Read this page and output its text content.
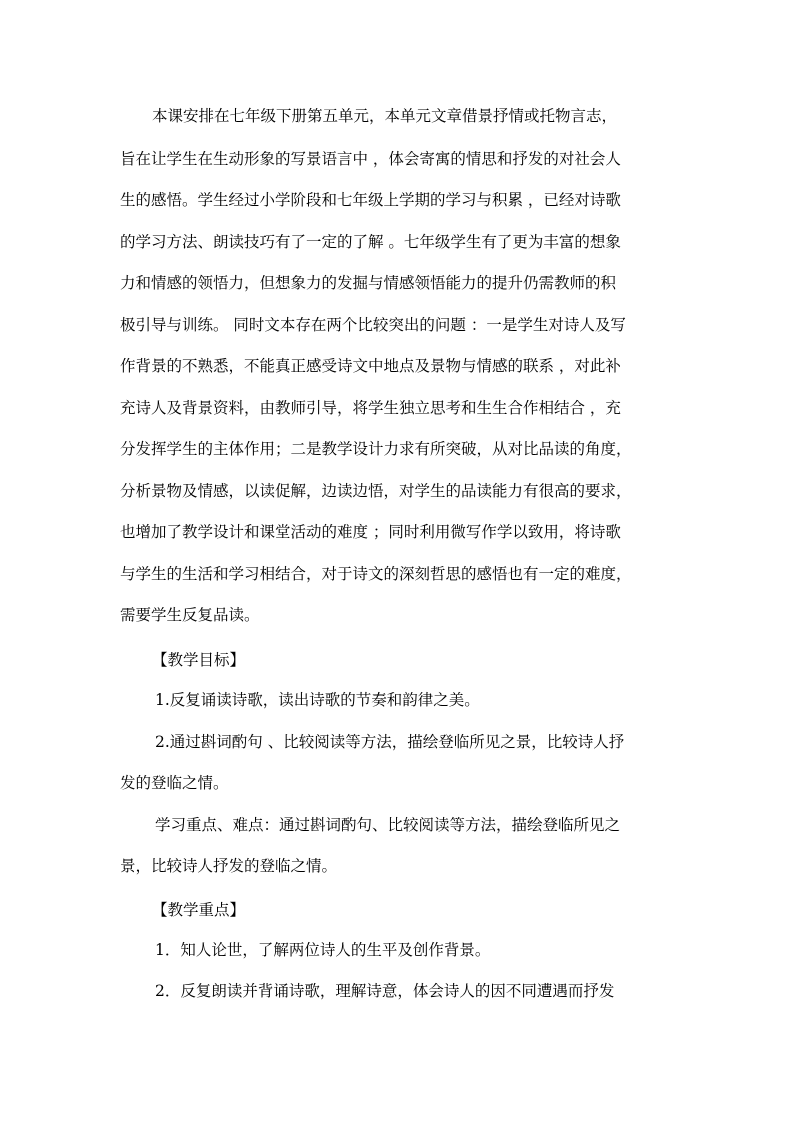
本课安排在七年级下册第五单元，本单元文章借景抒情或托物言志，
旨在让学生在生动形象的写景语言中 ，体会寄寓的情思和抒发的对社会人
生的感悟。学生经过小学阶段和七年级上学期的学习与积累 ，已经对诗歌
的学习方法、朗读技巧有了一定的了解 。七年级学生有了更为丰富的想象
力和情感的领悟力，但想象力的发掘与情感领悟能力的提升仍需教师的积
极引导与训练。 同时文本存在两个比较突出的问题 ：一是学生对诗人及写
作背景的不熟悉，不能真正感受诗文中地点及景物与情感的联系 ，对此补
充诗人及背景资料，由教师引导，将学生独立思考和生生合作相结合 ，充
分发挥学生的主体作用；二是教学设计力求有所突破，从对比品读的角度，
分析景物及情感，以读促解，边读边悟，对学生的品读能力有很高的要求，
也增加了教学设计和课堂活动的难度 ；同时利用微写作学以致用，将诗歌
与学生的生活和学习相结合，对于诗文的深刻哲思的感悟也有一定的难度，
需要学生反复品读。
【教学目标】
1.反复诵读诗歌，读出诗歌的节奏和韵律之美。
2.通过斟词酌句 、比较阅读等方法，描绘登临所见之景，比较诗人抒
发的登临之情。
学习重点、难点：通过斟词酌句、比较阅读等方法，描绘登临所见之
景，比较诗人抒发的登临之情。
【教学重点】
1．知人论世，了解两位诗人的生平及创作背景。
2．反复朗读并背诵诗歌，理解诗意，体会诗人的因不同遭遇而抒发
